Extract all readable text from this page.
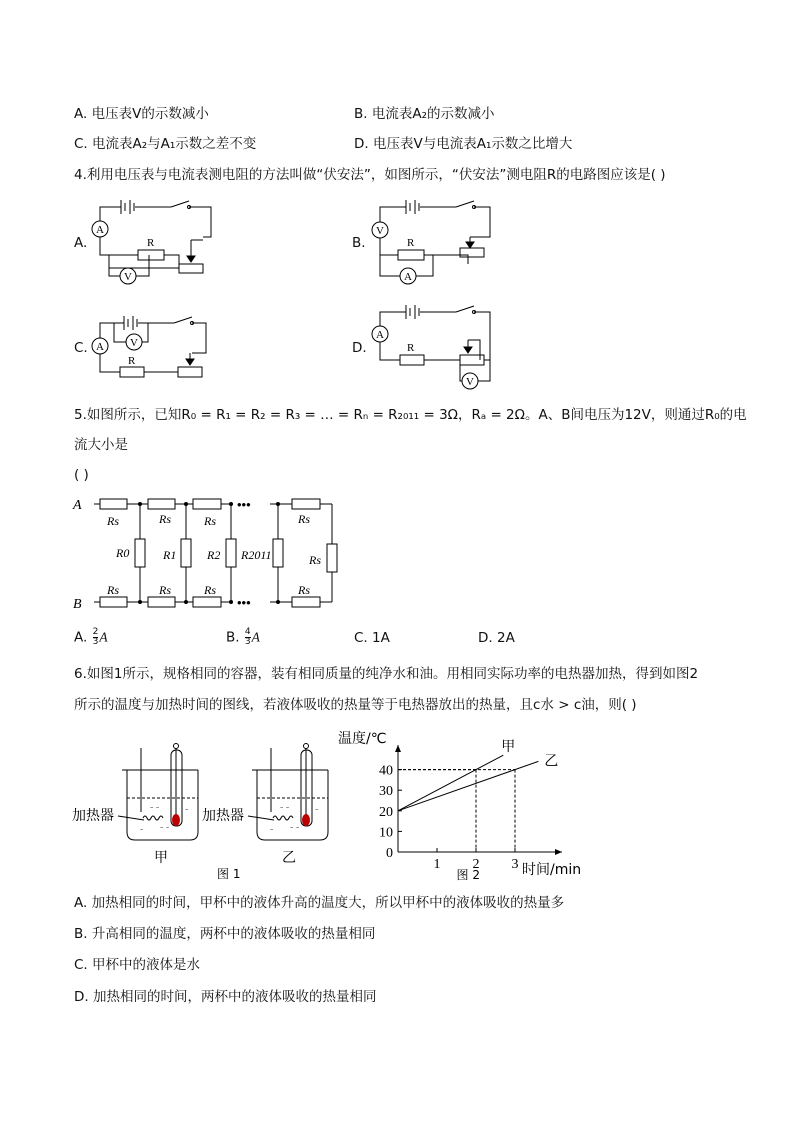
A. 电压表V的示数减小	B. 电流表A₂的示数减小
C. 电流表A₂与A₁示数之差不变	D. 电压表V与电流表A₁示数之比增大
4.利用电压表与电流表测电阻的方法叫做“伏安法”，如图所示，“伏安法”测电阻R的电路图应该是( )
A.
A
V
R	B.
V
A
R
C. A V
R
D.
A
V
R
5.如图所示，已知R₀ = R₁ = R₂ = R₃ = … = Rₙ = R₂₀₁₁ = 3Ω，Rₐ = 2Ω。A、B间电压为12V，则通过R₀的电
流大小是
( )
A
B
•••
•••
Rs	Rs	Rs	Rs
Rs
Rs	Rs	Rs	Rs
R0	R1	R2 R2011
A. $\frac{2}{3}$ A	B. $\frac{4}{3}$ A	C. 1A	D. 2A
6.如图1所示，规格相同的容器，装有相同质量的纯净水和油。用相同实际功率的电热器加热，得到如图2
所示的温度与加热时间的图线，若液体吸收的热量等于电热器放出的热量，且c水 > c油，则( )
- -
- -
-
-	- -
- -
-
-
加热器	加热器
甲	乙
图 1
0
10
20
30
40
1 2 3
甲
乙
温度/℃
时间/min
图 2
A. 加热相同的时间，甲杯中的液体升高的温度大，所以甲杯中的液体吸收的热量多
B. 升高相同的温度，两杯中的液体吸收的热量相同
C. 甲杯中的液体是水
D. 加热相同的时间，两杯中的液体吸收的热量相同
